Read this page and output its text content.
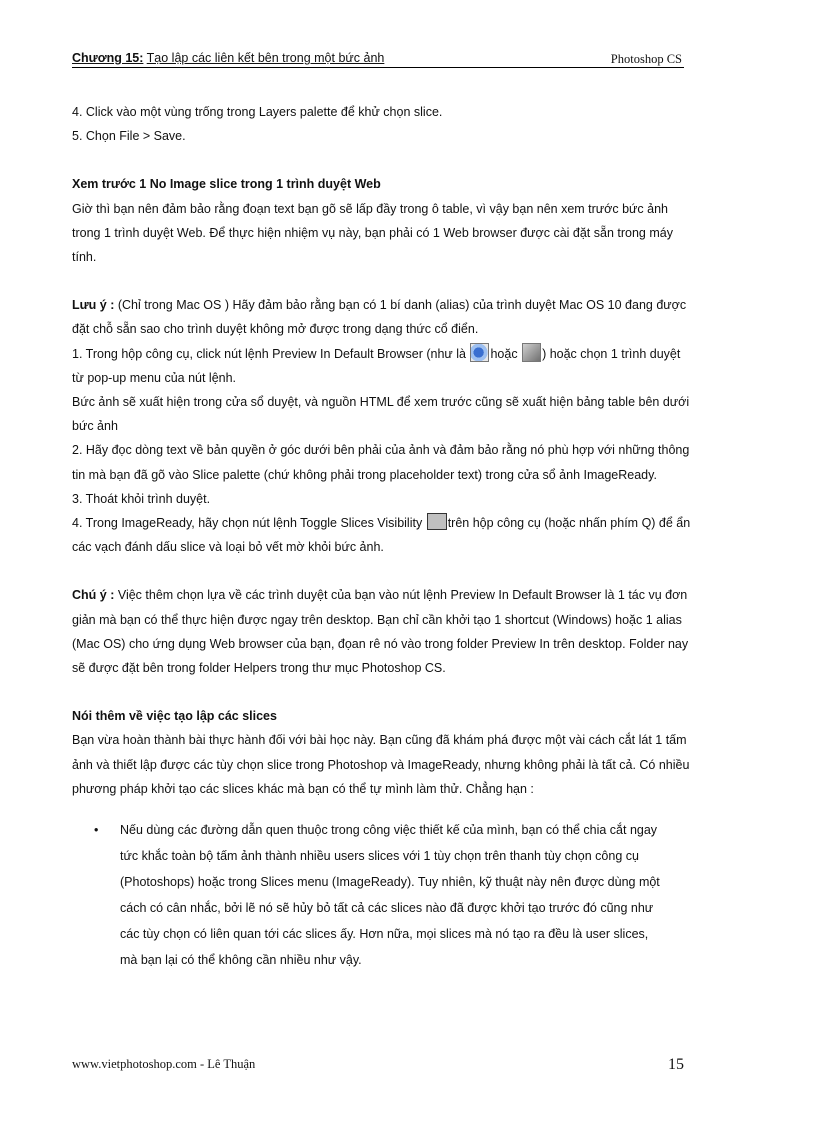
Chương 15: Tạo lập các liên kết bên trong một bức ảnh	Photoshop CS

4. Click vào một vùng trống trong Layers palette để khử chọn slice.

5. Chọn File > Save.

Xem trước 1 No Image slice trong 1 trình duyệt Web

Giờ thì bạn nên đảm bảo rằng đoạn text bạn gõ sẽ lấp đầy trong ô table, vì vậy bạn nên xem trước bức ảnh trong 1 trình duyệt Web. Để thực hiện nhiệm vụ này, bạn phải có 1 Web browser được cài đặt sẵn trong máy tính.

Lưu ý : (Chỉ trong Mac OS ) Hãy đảm bảo rằng bạn có 1 bí danh (alias) của trình duyệt Mac OS 10 đang được đặt chỗ sẵn sao cho trình duyệt không mở được trong dạng thức cổ điển.

1. Trong hộp công cụ, click nút lệnh Preview In Default Browser (như là hoặc ) hoặc chọn 1 trình duyệt từ pop-up menu của nút lệnh.

Bức ảnh sẽ xuất hiện trong cửa sổ duyệt, và nguồn HTML để xem trước cũng sẽ xuất hiện bảng table bên dưới bức ảnh

2. Hãy đọc dòng text về bản quyền ở góc dưới bên phải của ảnh và đảm bảo rằng nó phù hợp với những thông tin mà bạn đã gõ vào Slice palette (chứ không phải trong placeholder text) trong cửa sổ ảnh ImageReady.

3. Thoát khỏi trình duyệt.

4. Trong ImageReady, hãy chọn nút lệnh Toggle Slices Visibility trên hộp công cụ (hoặc nhấn phím Q) để ẩn các vạch đánh dấu slice và loại bỏ vết mờ khỏi bức ảnh.

Chú ý : Việc thêm chọn lựa về các trình duyệt của bạn vào nút lệnh Preview In Default Browser là 1 tác vụ đơn giản mà bạn có thể thực hiện được ngay trên desktop. Bạn chỉ cần khởi tạo 1 shortcut (Windows) hoặc 1 alias (Mac OS) cho ứng dụng Web browser của bạn, đọan rê nó vào trong folder Preview In trên desktop. Folder nay sẽ được đặt bên trong folder Helpers trong thư mục Photoshop CS.

Nói thêm về việc tạo lập các slices

Bạn vừa hoàn thành bài thực hành đối với bài học này. Bạn cũng đã khám phá được một vài cách cắt lát 1 tấm ảnh và thiết lập được các tùy chọn slice trong Photoshop và ImageReady, nhưng không phải là tất cả. Có nhiều phương pháp khởi tạo các slices khác mà bạn có thể tự mình làm thử. Chẳng hạn :

• Nếu dùng các đường dẫn quen thuộc trong công việc thiết kế của mình, bạn có thể chia cắt ngay tức khắc toàn bộ tấm ảnh thành nhiều users slices với 1 tùy chọn trên thanh tùy chọn công cụ (Photoshops) hoặc trong Slices menu (ImageReady). Tuy nhiên, kỹ thuật này nên được dùng một cách có cân nhắc, bởi lẽ nó sẽ hủy bỏ tất cả các slices nào đã được khởi tạo trước đó cũng như các tùy chọn có liên quan tới các slices ấy. Hơn nữa, mọi slices mà nó tạo ra đều là user slices, mà bạn lại có thể không cần nhiều như vậy.
www.vietphotoshop.com - Lê Thuận	15
